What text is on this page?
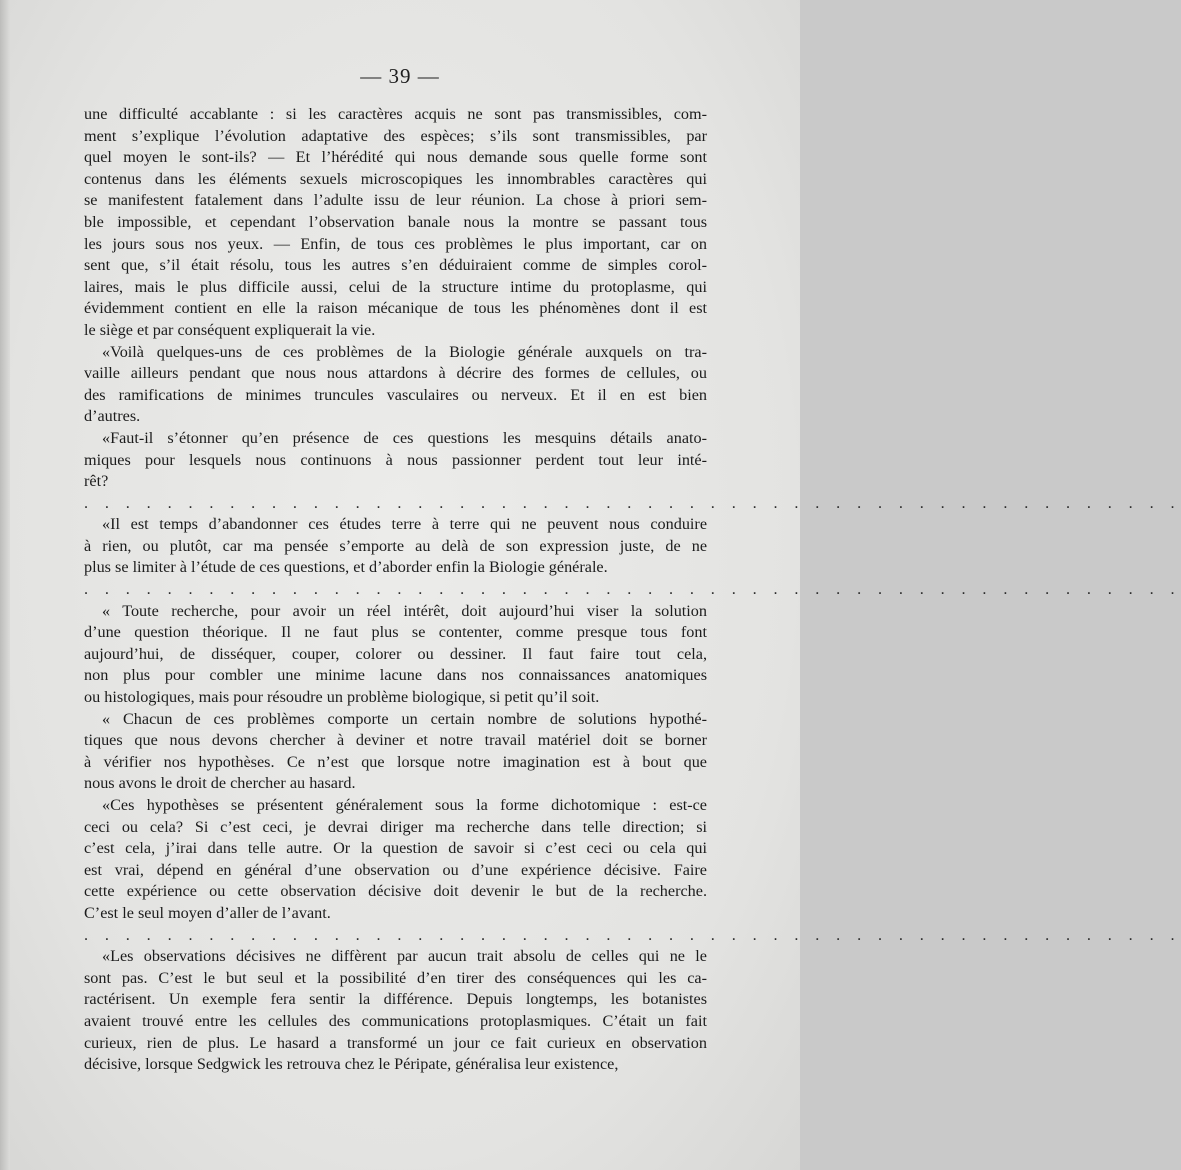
— 39 —
une difficulté accablante : si les caractères acquis ne sont pas transmissibles, com-
ment s’explique l’évolution adaptative des espèces; s’ils sont transmissibles, par
quel moyen le sont-ils? — Et l’hérédité qui nous demande sous quelle forme sont
contenus dans les éléments sexuels microscopiques les innombrables caractères qui
se manifestent fatalement dans l’adulte issu de leur réunion. La chose à priori sem-
ble impossible, et cependant l’observation banale nous la montre se passant tous
les jours sous nos yeux. — Enfin, de tous ces problèmes le plus important, car on
sent que, s’il était résolu, tous les autres s’en déduiraient comme de simples corol-
laires, mais le plus difficile aussi, celui de la structure intime du protoplasme, qui
évidemment contient en elle la raison mécanique de tous les phénomènes dont il est
le siège et par conséquent expliquerait la vie.
«Voilà quelques-uns de ces problèmes de la Biologie générale auxquels on tra-
vaille ailleurs pendant que nous nous attardons à décrire des formes de cellules, ou
des ramifications de minimes truncules vasculaires ou nerveux. Et il en est bien
d’autres.
«Faut-il s’étonner qu’en présence de ces questions les mesquins détails anato-
miques pour lesquels nous continuons à nous passionner perdent tout leur inté-
rêt?
. . . . . . . . . . . . . . . . . . . . . . . . . . . . . . . . . . . . . . . . . . . . . . . . . . . . .
«Il est temps d’abandonner ces études terre à terre qui ne peuvent nous conduire
à rien, ou plutôt, car ma pensée s’emporte au delà de son expression juste, de ne
plus se limiter à l’étude de ces questions, et d’aborder enfin la Biologie générale.
. . . . . . . . . . . . . . . . . . . . . . . . . . . . . . . . . . . . . . . . . . . . . . . . . . . . .
« Toute recherche, pour avoir un réel intérêt, doit aujourd’hui viser la solution
d’une question théorique. Il ne faut plus se contenter, comme presque tous font
aujourd’hui, de disséquer, couper, colorer ou dessiner. Il faut faire tout cela,
non plus pour combler une minime lacune dans nos connaissances anatomiques
ou histologiques, mais pour résoudre un problème biologique, si petit qu’il soit.
« Chacun de ces problèmes comporte un certain nombre de solutions hypothé-
tiques que nous devons chercher à deviner et notre travail matériel doit se borner
à vérifier nos hypothèses. Ce n’est que lorsque notre imagination est à bout que
nous avons le droit de chercher au hasard.
«Ces hypothèses se présentent généralement sous la forme dichotomique : est-ce
ceci ou cela? Si c’est ceci, je devrai diriger ma recherche dans telle direction; si
c’est cela, j’irai dans telle autre. Or la question de savoir si c’est ceci ou cela qui
est vrai, dépend en général d’une observation ou d’une expérience décisive. Faire
cette expérience ou cette observation décisive doit devenir le but de la recherche.
C’est le seul moyen d’aller de l’avant.
. . . . . . . . . . . . . . . . . . . . . . . . . . . . . . . . . . . . . . . . . . . . . . . . . . . . .
«Les observations décisives ne diffèrent par aucun trait absolu de celles qui ne le
sont pas. C’est le but seul et la possibilité d’en tirer des conséquences qui les ca-
ractérisent. Un exemple fera sentir la différence. Depuis longtemps, les botanistes
avaient trouvé entre les cellules des communications protoplasmiques. C’était un fait
curieux, rien de plus. Le hasard a transformé un jour ce fait curieux en observation
décisive, lorsque Sedgwick les retrouva chez le Péripate, généralisa leur existence,
